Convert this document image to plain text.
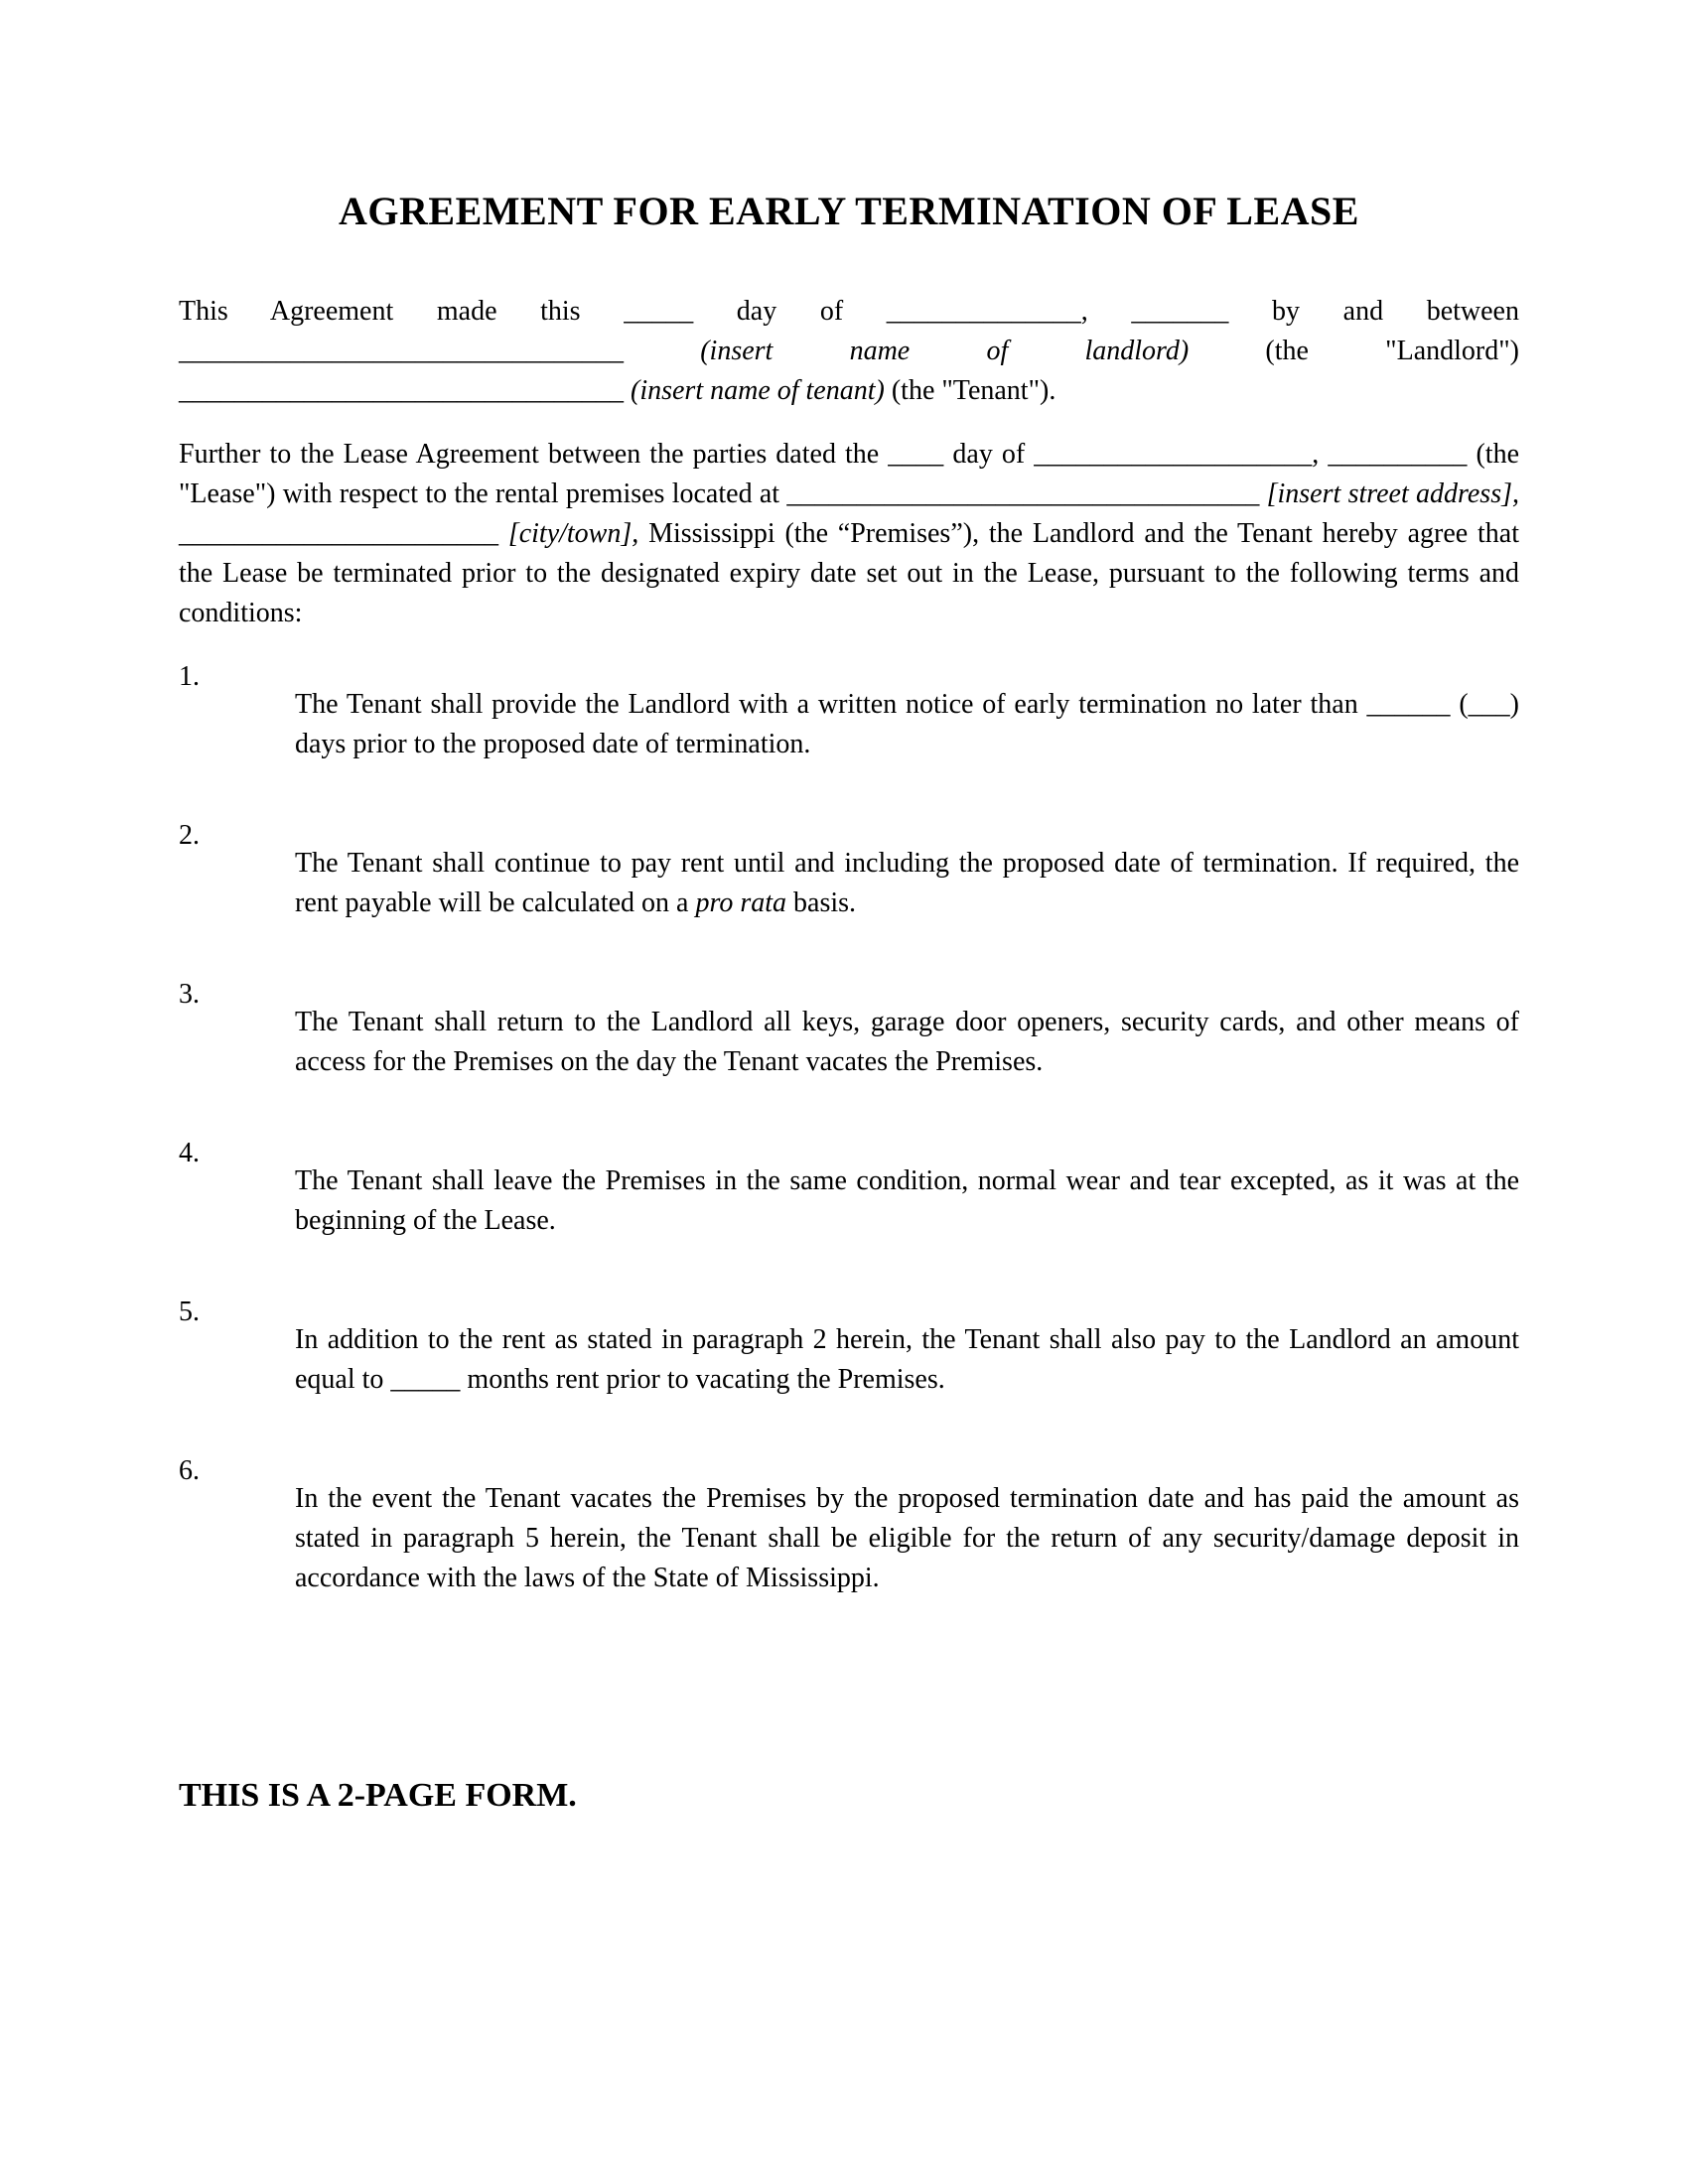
AGREEMENT FOR EARLY TERMINATION OF LEASE

This Agreement made this _____ day of ______________, _______ by and between ________________________________ (insert name of landlord) (the "Landlord") ________________________________ (insert name of tenant) (the "Tenant").

Further to the Lease Agreement between the parties dated the ____ day of ____________________, __________ (the "Lease") with respect to the rental premises located at __________________________________ [insert street address], _______________________ [city/town], Mississippi (the “Premises”), the Landlord and the Tenant hereby agree that the Lease be terminated prior to the designated expiry date set out in the Lease, pursuant to the following terms and conditions:

1.

The Tenant shall provide the Landlord with a written notice of early termination no later than ______ (___) days prior to the proposed date of termination.

2.

The Tenant shall continue to pay rent until and including the proposed date of termination. If required, the rent payable will be calculated on a pro rata basis.

3.

The Tenant shall return to the Landlord all keys, garage door openers, security cards, and other means of access for the Premises on the day the Tenant vacates the Premises.

4.

The Tenant shall leave the Premises in the same condition, normal wear and tear excepted, as it was at the beginning of the Lease.

5.

In addition to the rent as stated in paragraph 2 herein, the Tenant shall also pay to the Landlord an amount equal to _____ months rent prior to vacating the Premises.

6.

In the event the Tenant vacates the Premises by the proposed termination date and has paid the amount as stated in paragraph 5 herein, the Tenant shall be eligible for the return of any security/damage deposit in accordance with the laws of the State of Mississippi.

THIS IS A 2-PAGE FORM.
